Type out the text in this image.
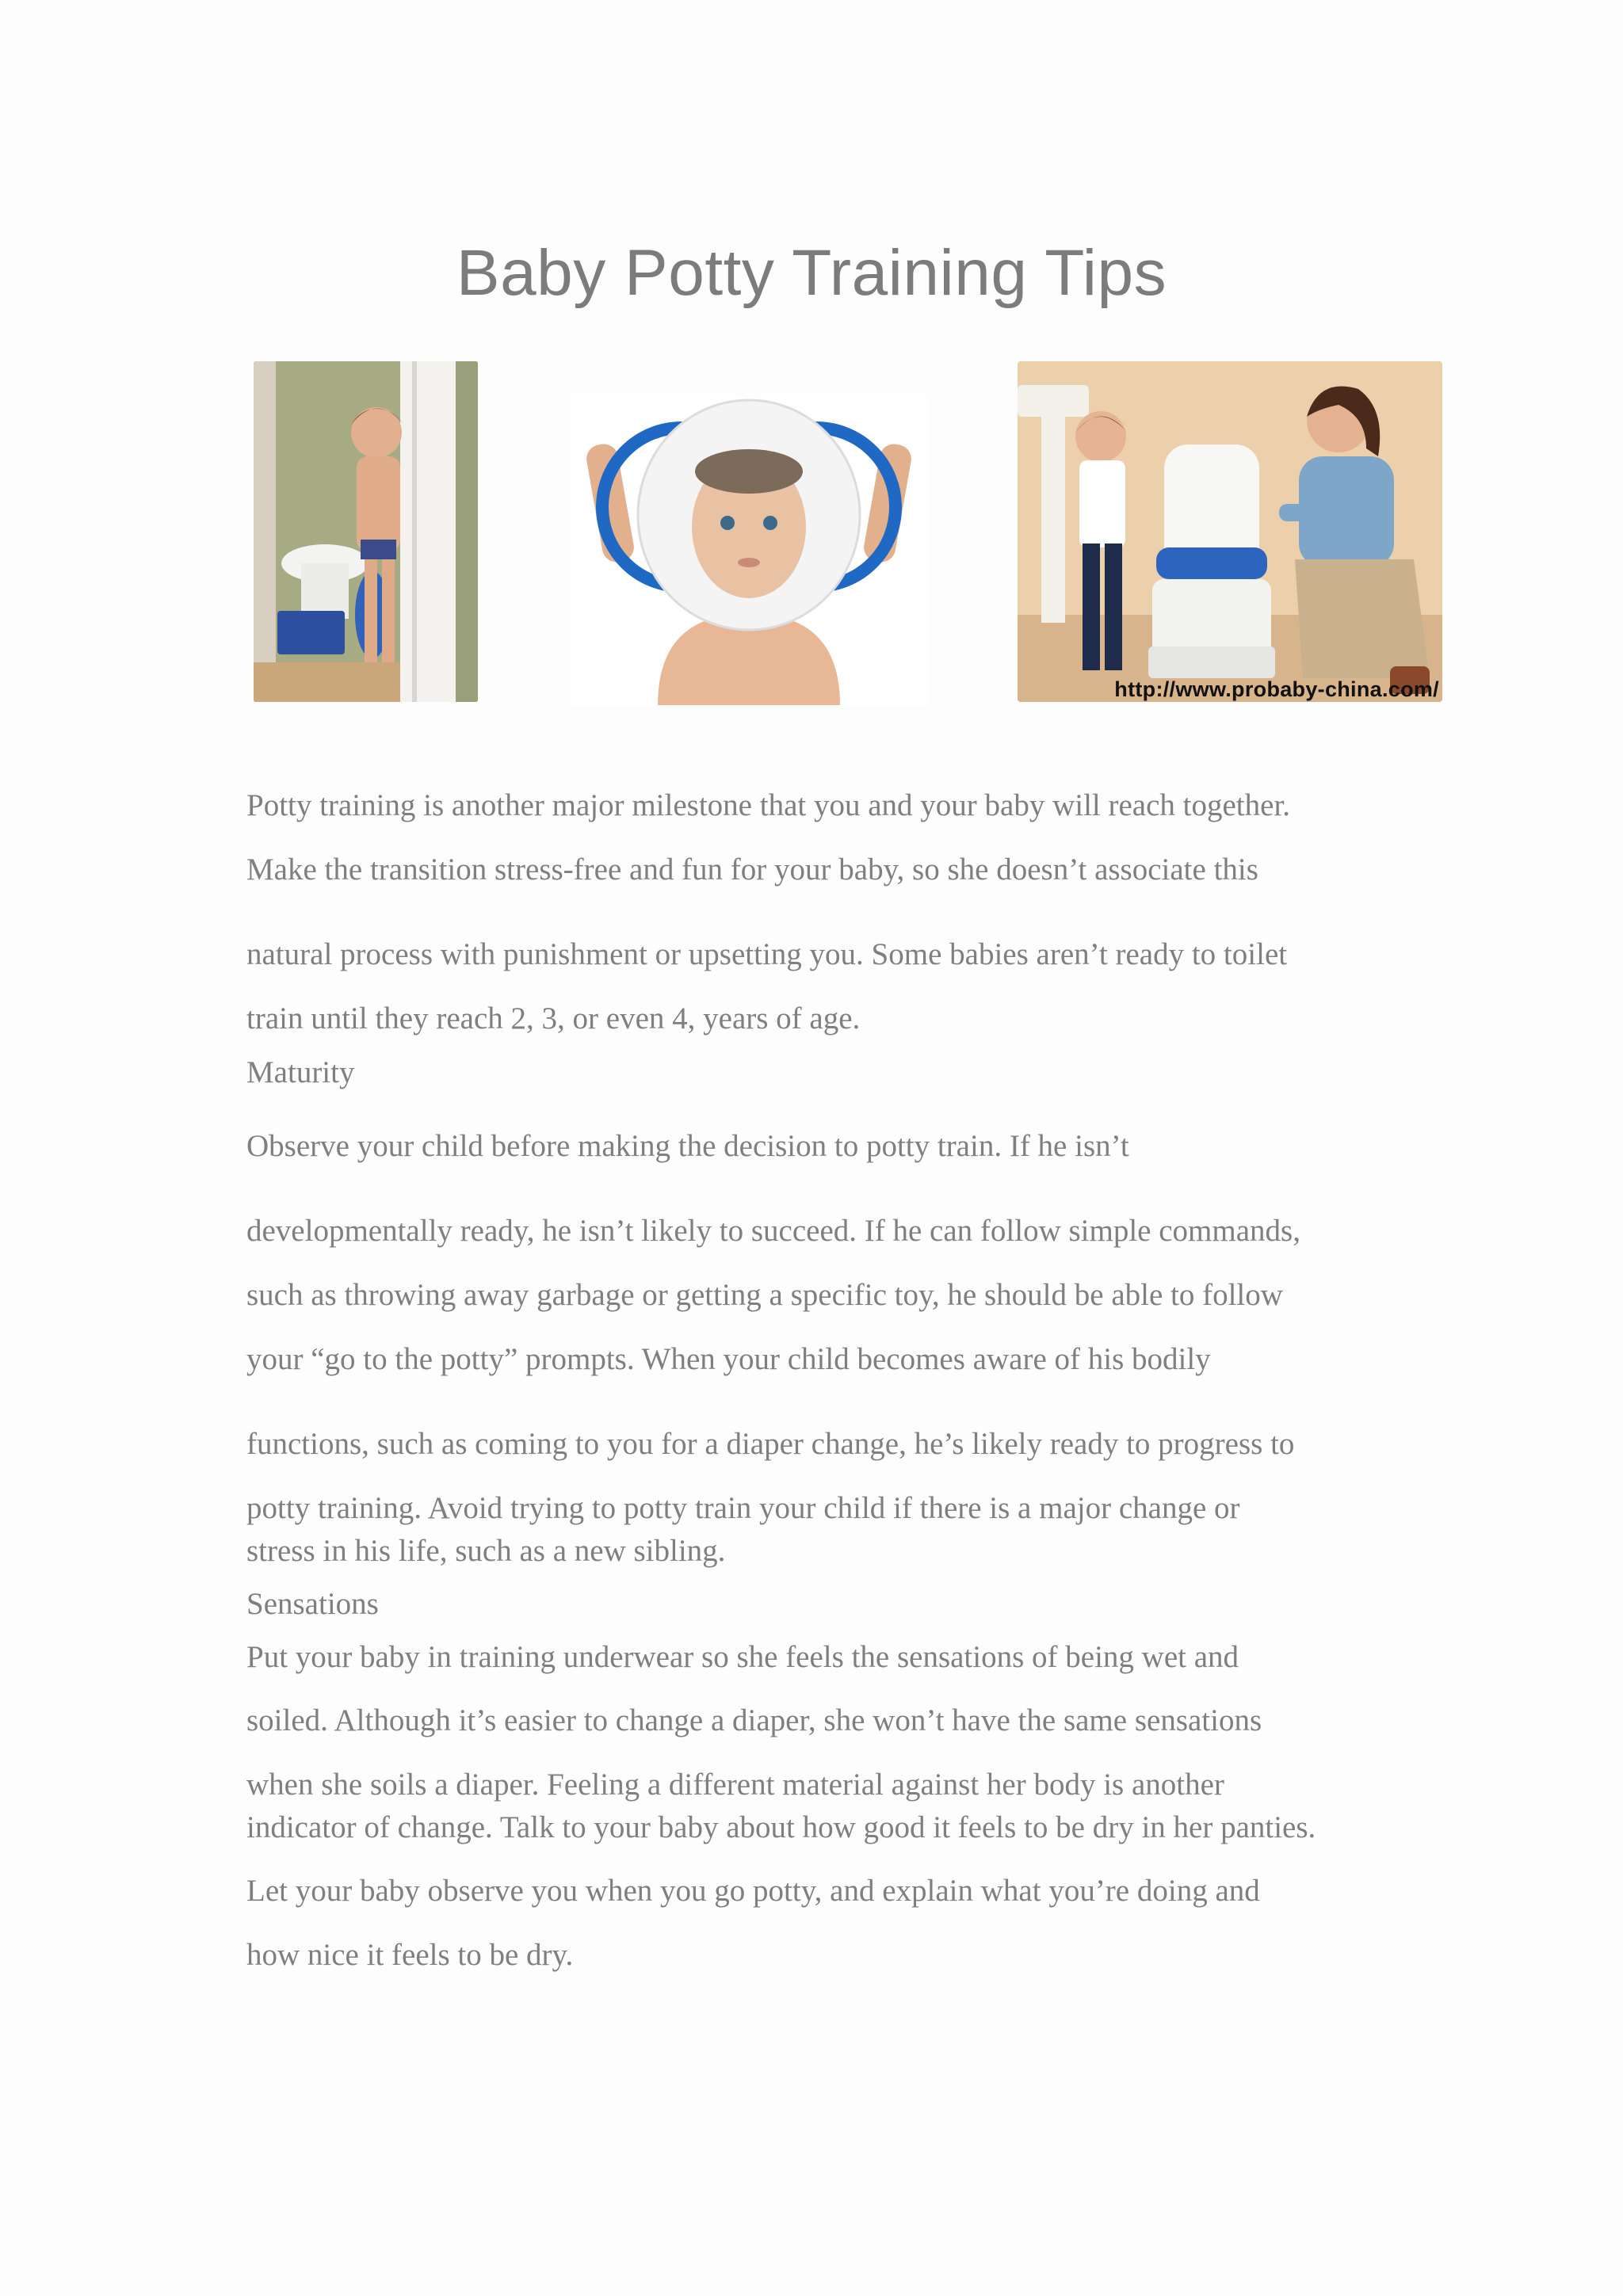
Baby Potty Training Tips
http://www.probaby-china.com/
Potty training is another major milestone that you and your baby will reach together.
Make the transition stress-free and fun for your baby, so she doesn’t associate this
natural process with punishment or upsetting you. Some babies aren’t ready to toilet
train until they reach 2, 3, or even 4, years of age.
Maturity
Observe your child before making the decision to potty train. If he isn’t
developmentally ready, he isn’t likely to succeed. If he can follow simple commands,
such as throwing away garbage or getting a specific toy, he should be able to follow
your “go to the potty” prompts. When your child becomes aware of his bodily
functions, such as coming to you for a diaper change, he’s likely ready to progress to
potty training. Avoid trying to potty train your child if there is a major change or
stress in his life, such as a new sibling.
Sensations
Put your baby in training underwear so she feels the sensations of being wet and
soiled. Although it’s easier to change a diaper, she won’t have the same sensations
when she soils a diaper. Feeling a different material against her body is another
indicator of change. Talk to your baby about how good it feels to be dry in her panties.
Let your baby observe you when you go potty, and explain what you’re doing and
how nice it feels to be dry.
